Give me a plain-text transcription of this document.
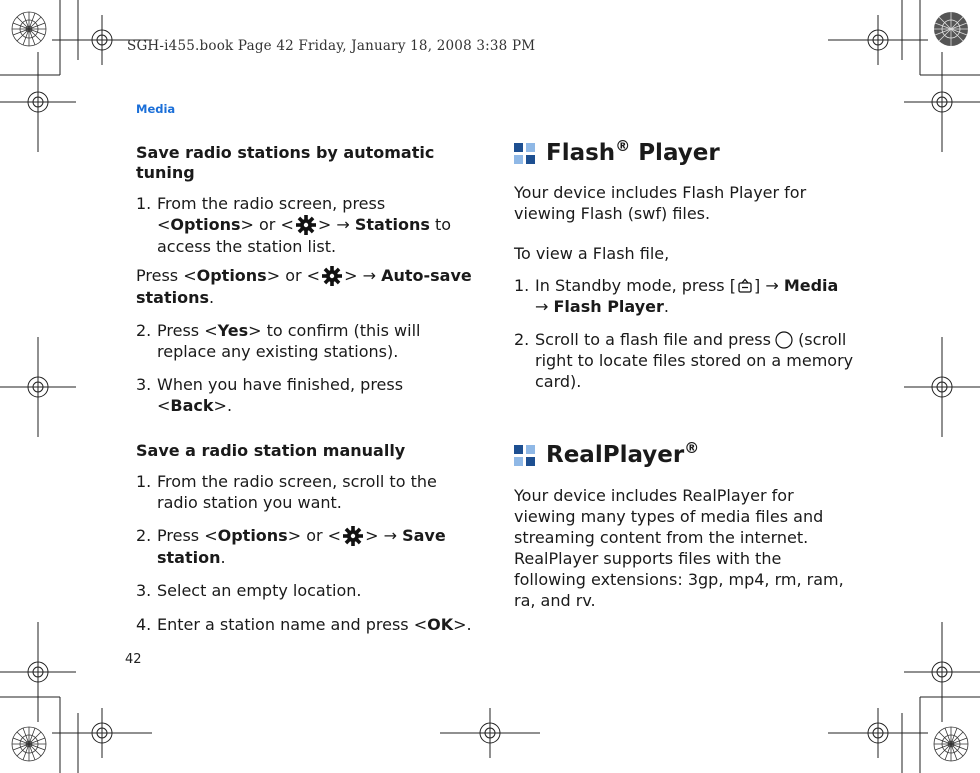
SGH-i455.book Page 42 Friday, January 18, 2008 3:38 PM
Media
42
Save radio stations by automatic tuning

1. From the radio screen, press <Options> or < > → Stations to access the station list.

Press <Options> or < > → Auto-save stations.

2. Press <Yes> to confirm (this will replace any existing stations).

3. When you have finished, press <Back>.

Save a radio station manually

1. From the radio screen, scroll to the radio station you want.

2. Press <Options> or < > → Save station.

3. Select an empty location.

4. Enter a station name and press <OK>.

Flash® Player

Your device includes Flash Player for viewing Flash (swf) files.

To view a Flash file,

1. In Standby mode, press [ ] → Media
→ Flash Player.

2. Scroll to a flash file and press (scroll right to locate files stored on a memory card).

RealPlayer®

Your device includes RealPlayer for viewing many types of media files and streaming content from the internet. RealPlayer supports files with the following extensions: 3gp, mp4, rm, ram, ra, and rv.
